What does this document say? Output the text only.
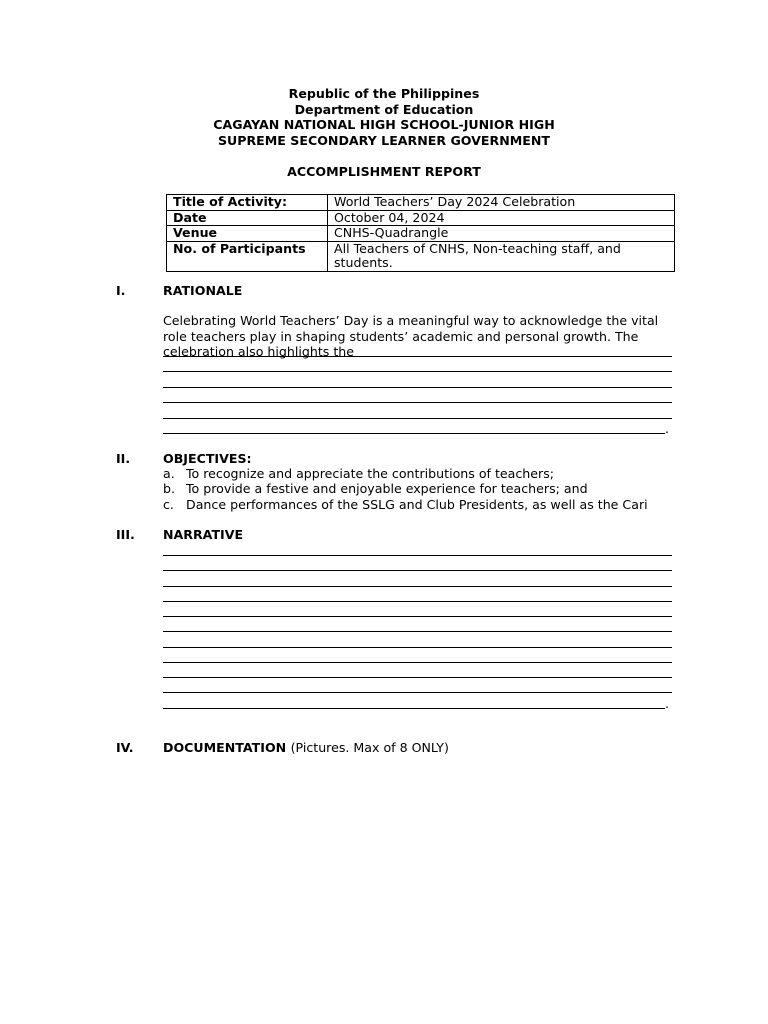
Republic of the Philippines
Department of Education
CAGAYAN NATIONAL HIGH SCHOOL-JUNIOR HIGH
SUPREME SECONDARY LEARNER GOVERNMENT
ACCOMPLISHMENT REPORT
Title of Activity:	World Teachers’ Day 2024 Celebration
Date	October 04, 2024
Venue	CNHS-Quadrangle
No. of Participants	All Teachers of CNHS, Non-teaching staff, and students.
I.	RATIONALE
Celebrating World Teachers’ Day is a meaningful way to acknowledge the vital role teachers play in shaping students’ academic and personal growth. The celebration also highlights the
.
II.	OBJECTIVES:
a. To recognize and appreciate the contributions of teachers;
b. To provide a festive and enjoyable experience for teachers; and
c. Dance performances of the SSLG and Club Presidents, as well as the Cari
III. NARRATIVE
.
IV. DOCUMENTATION (Pictures. Max of 8 ONLY)
